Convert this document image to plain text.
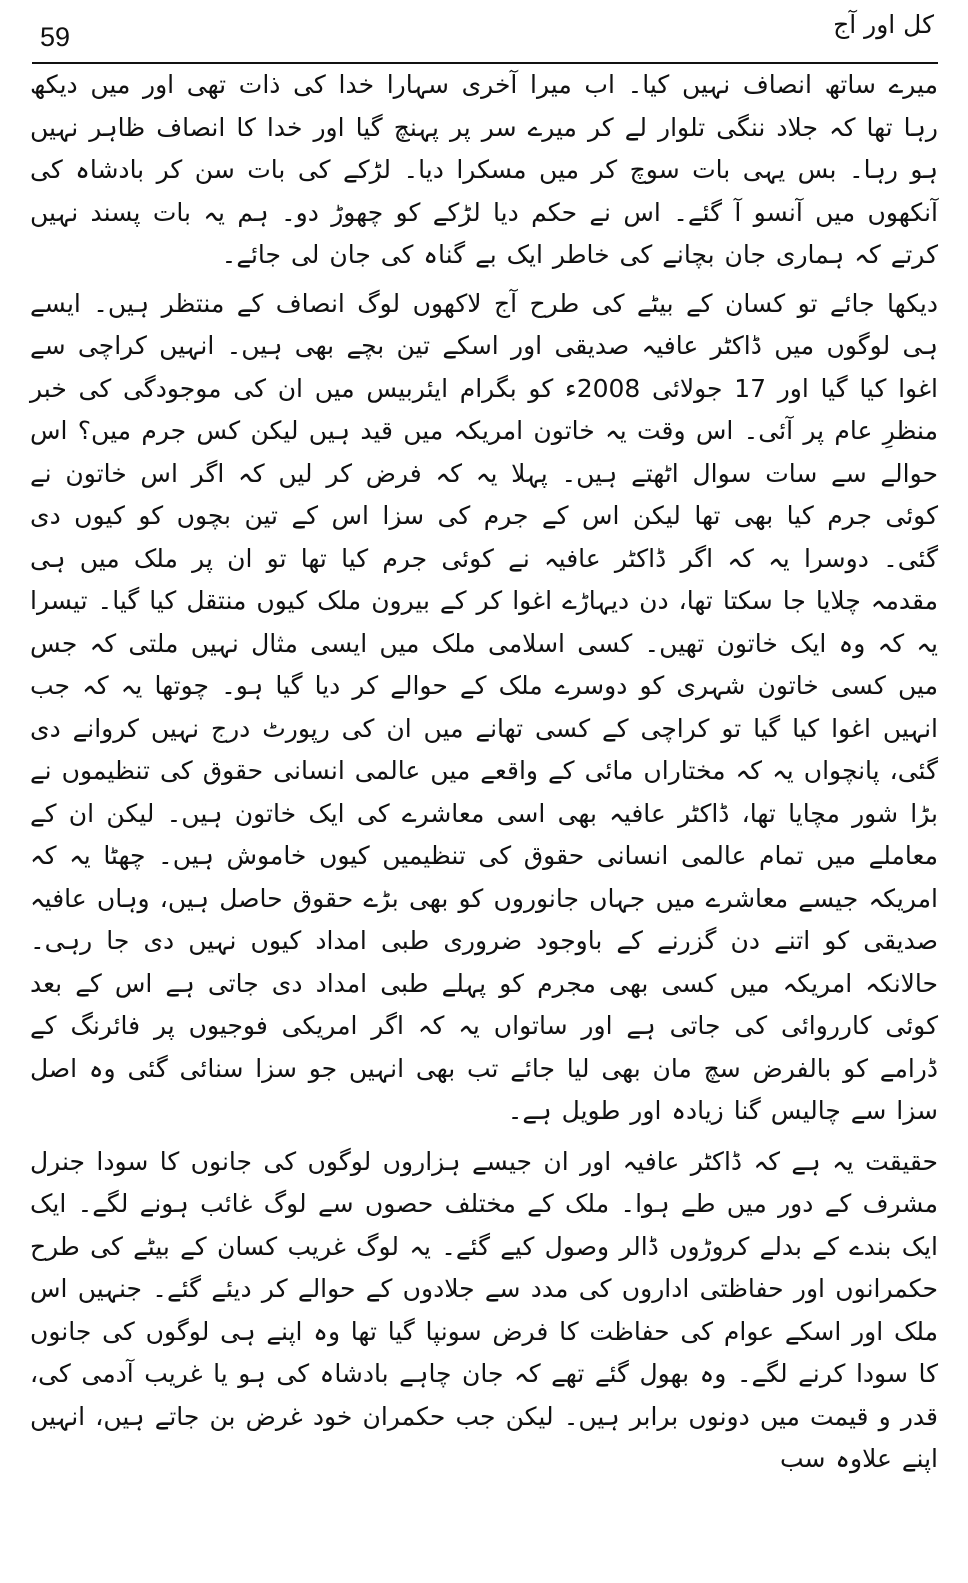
59	کل اور آج

میرے ساتھ انصاف نہیں کیا۔ اب میرا آخری سہارا خدا کی ذات تھی اور میں دیکھ رہا تھا کہ جلاد ننگی تلوار لے کر میرے سر پر پہنچ گیا اور خدا کا انصاف ظاہر نہیں ہو رہا۔ بس یہی بات سوچ کر میں مسکرا دیا۔ لڑکے کی بات سن کر بادشاہ کی آنکھوں میں آنسو آ گئے۔ اس نے حکم دیا لڑکے کو چھوڑ دو۔ ہم یہ بات پسند نہیں کرتے کہ ہماری جان بچانے کی خاطر ایک بے گناہ کی جان لی جائے۔

دیکھا جائے تو کسان کے بیٹے کی طرح آج لاکھوں لوگ انصاف کے منتظر ہیں۔ ایسے ہی لوگوں میں ڈاکٹر عافیہ صدیقی اور اسکے تین بچے بھی ہیں۔ انہیں کراچی سے اغوا کیا گیا اور 17 جولائی 2008ء کو بگرام ایئربیس میں ان کی موجودگی کی خبر منظرِ عام پر آئی۔ اس وقت یہ خاتون امریکہ میں قید ہیں لیکن کس جرم میں؟ اس حوالے سے سات سوال اٹھتے ہیں۔ پہلا یہ کہ فرض کر لیں کہ اگر اس خاتون نے کوئی جرم کیا بھی تھا لیکن اس کے جرم کی سزا اس کے تین بچوں کو کیوں دی گئی۔ دوسرا یہ کہ اگر ڈاکٹر عافیہ نے کوئی جرم کیا تھا تو ان پر ملک میں ہی مقدمہ چلایا جا سکتا تھا، دن دیہاڑے اغوا کر کے بیرون ملک کیوں منتقل کیا گیا۔ تیسرا یہ کہ وہ ایک خاتون تھیں۔ کسی اسلامی ملک میں ایسی مثال نہیں ملتی کہ جس میں کسی خاتون شہری کو دوسرے ملک کے حوالے کر دیا گیا ہو۔ چوتھا یہ کہ جب انہیں اغوا کیا گیا تو کراچی کے کسی تھانے میں ان کی رپورٹ درج نہیں کروانے دی گئی، پانچواں یہ کہ مختاراں مائی کے واقعے میں عالمی انسانی حقوق کی تنظیموں نے بڑا شور مچایا تھا، ڈاکٹر عافیہ بھی اسی معاشرے کی ایک خاتون ہیں۔ لیکن ان کے معاملے میں تمام عالمی انسانی حقوق کی تنظیمیں کیوں خاموش ہیں۔ چھٹا یہ کہ امریکہ جیسے معاشرے میں جہاں جانوروں کو بھی بڑے حقوق حاصل ہیں، وہاں عافیہ صدیقی کو اتنے دن گزرنے کے باوجود ضروری طبی امداد کیوں نہیں دی جا رہی۔ حالانکہ امریکہ میں کسی بھی مجرم کو پہلے طبی امداد دی جاتی ہے اس کے بعد کوئی کارروائی کی جاتی ہے اور ساتواں یہ کہ اگر امریکی فوجیوں پر فائرنگ کے ڈرامے کو بالفرض سچ مان بھی لیا جائے تب بھی انہیں جو سزا سنائی گئی وہ اصل سزا سے چالیس گنا زیادہ اور طویل ہے۔

حقیقت یہ ہے کہ ڈاکٹر عافیہ اور ان جیسے ہزاروں لوگوں کی جانوں کا سودا جنرل مشرف کے دور میں طے ہوا۔ ملک کے مختلف حصوں سے لوگ غائب ہونے لگے۔ ایک ایک بندے کے بدلے کروڑوں ڈالر وصول کیے گئے۔ یہ لوگ غریب کسان کے بیٹے کی طرح حکمرانوں اور حفاظتی اداروں کی مدد سے جلادوں کے حوالے کر دیئے گئے۔ جنہیں اس ملک اور اسکے عوام کی حفاظت کا فرض سونپا گیا تھا وہ اپنے ہی لوگوں کی جانوں کا سودا کرنے لگے۔ وہ بھول گئے تھے کہ جان چاہے بادشاہ کی ہو یا غریب آدمی کی، قدر و قیمت میں دونوں برابر ہیں۔ لیکن جب حکمران خود غرض بن جاتے ہیں، انہیں اپنے علاوہ سب
